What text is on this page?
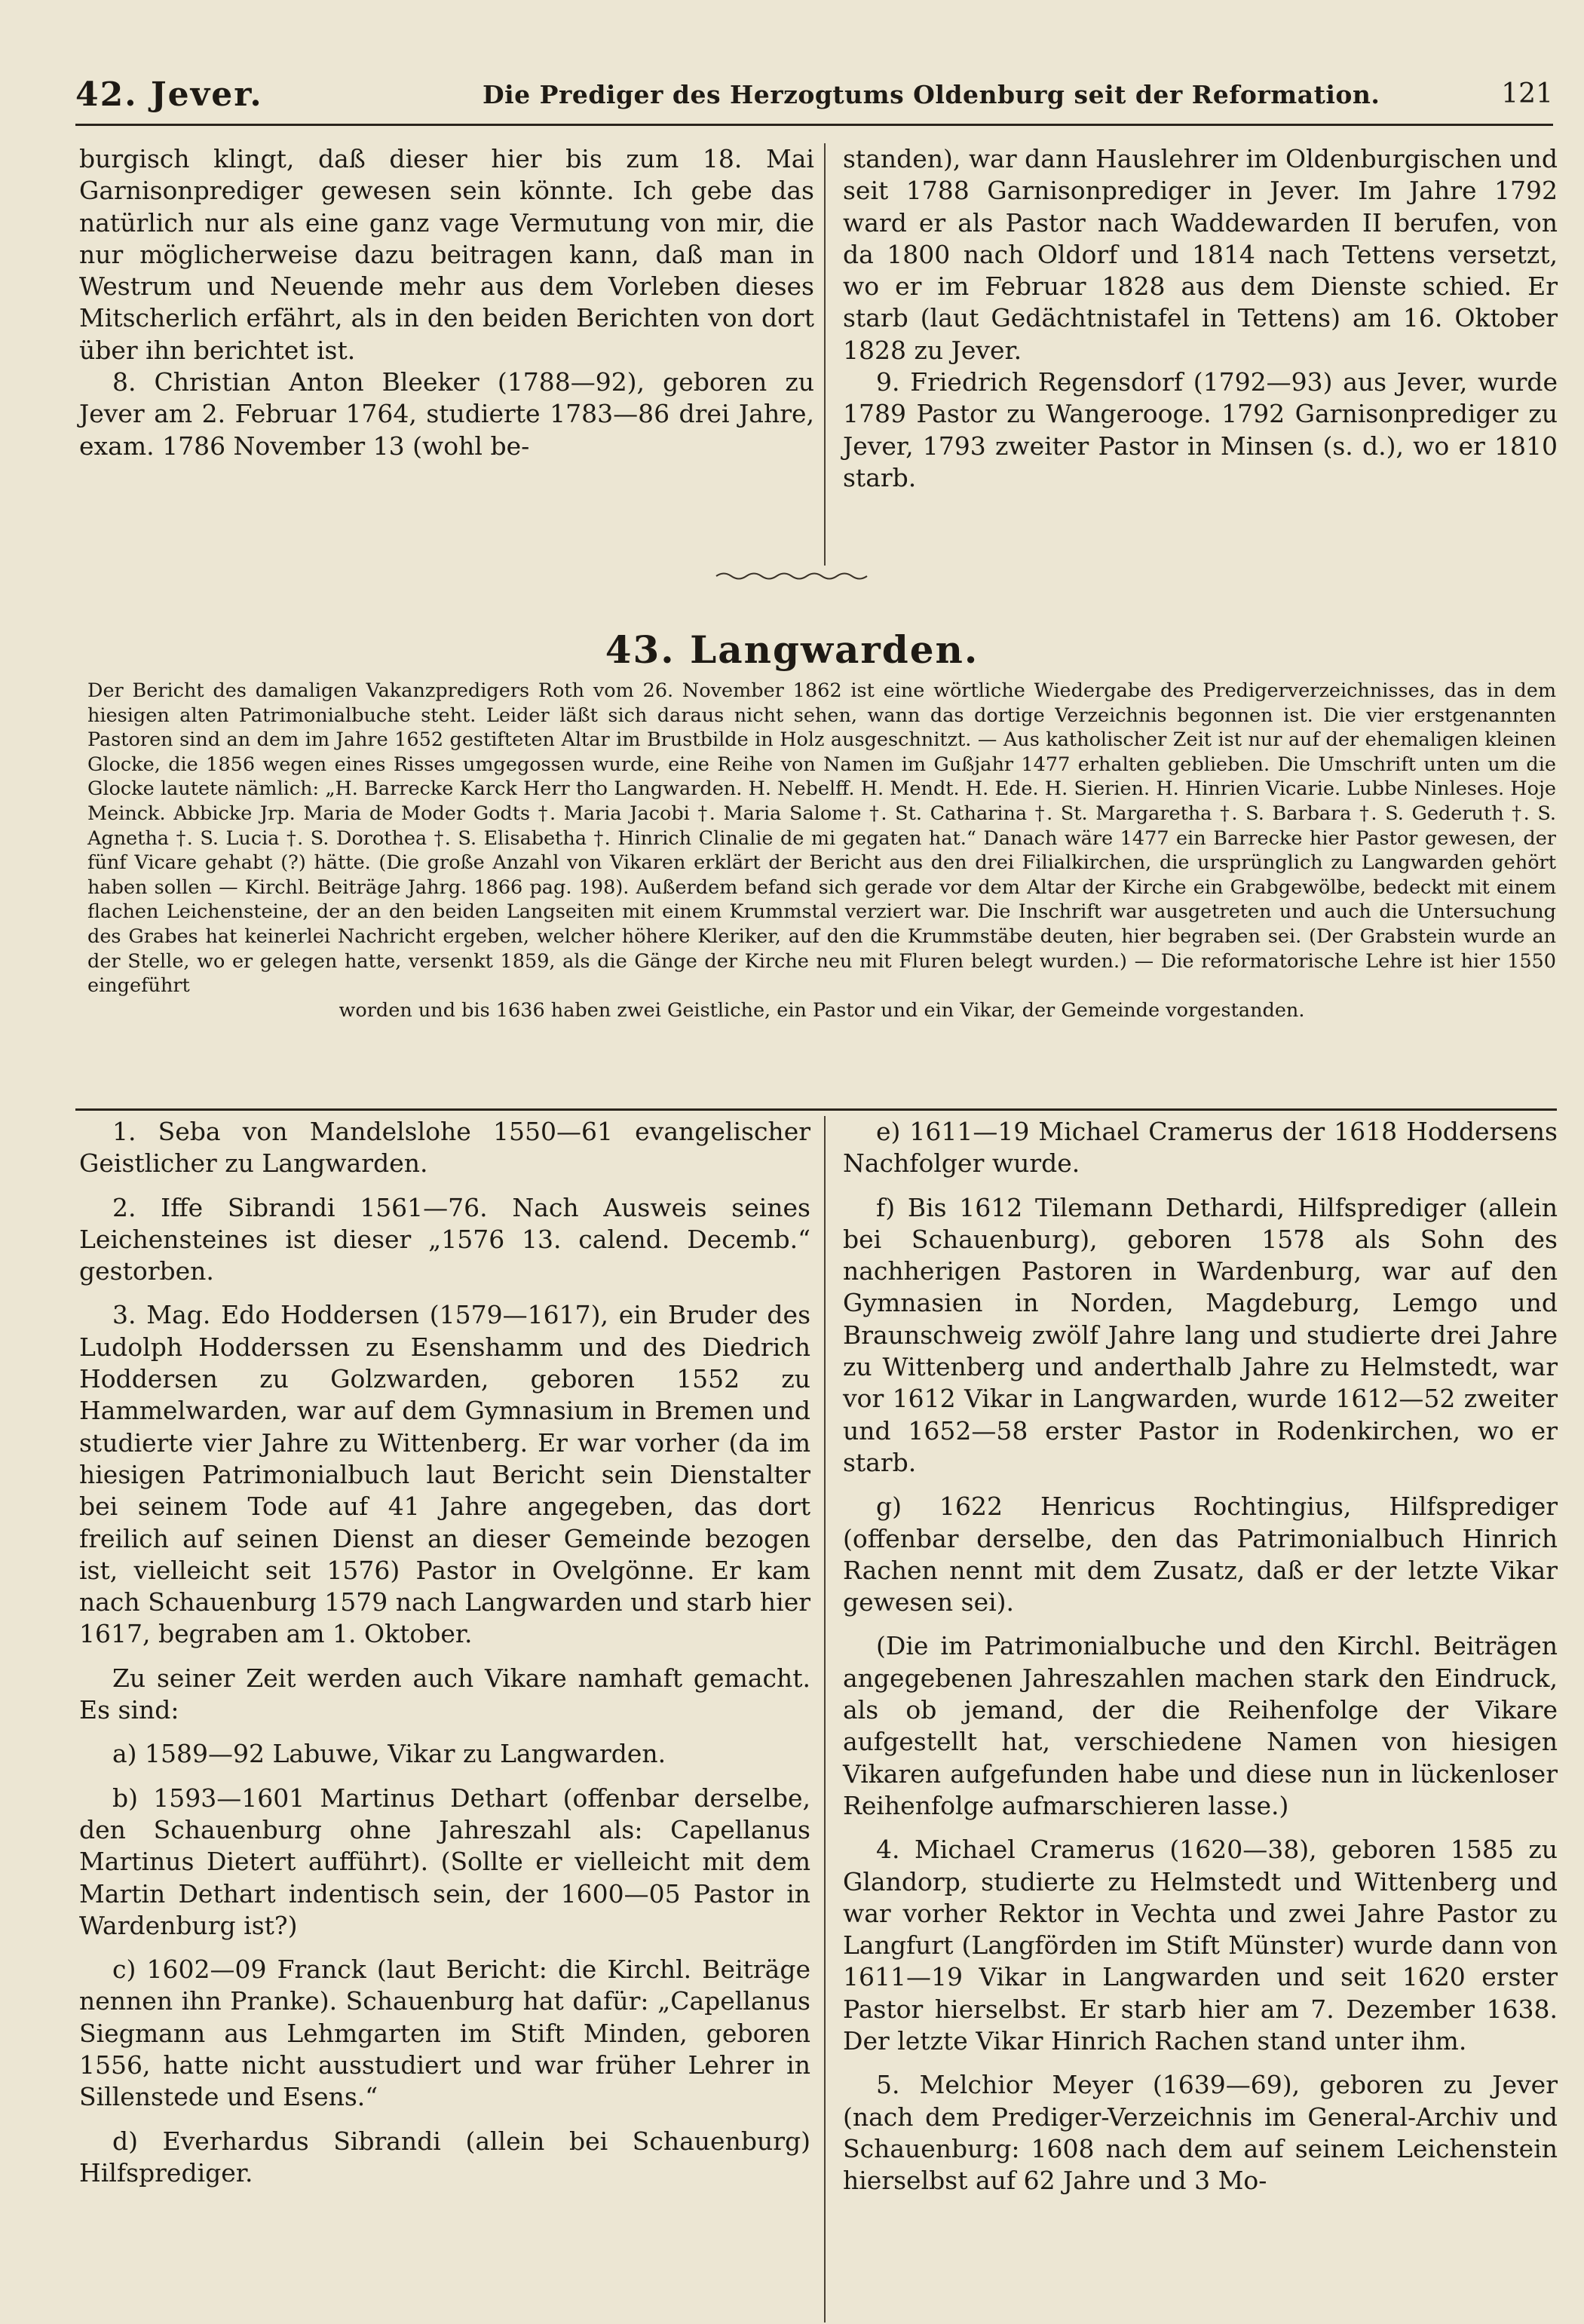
42. Jever.	Die Prediger des Herzogtums Oldenburg seit der Reformation.	121

burgisch klingt, daß dieser hier bis zum 18. Mai Garnisonprediger gewesen sein könnte. Ich gebe das natürlich nur als eine ganz vage Vermutung von mir, die nur möglicherweise dazu beitragen kann, daß man in Westrum und Neuende mehr aus dem Vorleben dieses Mitscherlich erfährt, als in den beiden Berichten von dort über ihn berichtet ist.

8. Christian Anton Bleeker (1788—92), geboren zu Jever am 2. Februar 1764, studierte 1783—86 drei Jahre, exam. 1786 November 13 (wohl be-

standen), war dann Hauslehrer im Oldenburgischen und seit 1788 Garnisonprediger in Jever. Im Jahre 1792 ward er als Pastor nach Waddewarden II berufen, von da 1800 nach Oldorf und 1814 nach Tettens versetzt, wo er im Februar 1828 aus dem Dienste schied. Er starb (laut Gedächtnistafel in Tettens) am 16. Oktober 1828 zu Jever.

9. Friedrich Regensdorf (1792—93) aus Jever, wurde 1789 Pastor zu Wangerooge. 1792 Garnisonprediger zu Jever, 1793 zweiter Pastor in Minsen (s. d.), wo er 1810 starb.

43. Langwarden.

Der Bericht des damaligen Vakanzpredigers Roth vom 26. November 1862 ist eine wörtliche Wiedergabe des Predigerverzeichnisses, das in dem hiesigen alten Patrimonialbuche steht. Leider läßt sich daraus nicht sehen, wann das dortige Verzeichnis begonnen ist. Die vier erstgenannten Pastoren sind an dem im Jahre 1652 gestifteten Altar im Brustbilde in Holz ausgeschnitzt. — Aus katholischer Zeit ist nur auf der ehemaligen kleinen Glocke, die 1856 wegen eines Risses umgegossen wurde, eine Reihe von Namen im Gußjahr 1477 erhalten geblieben. Die Umschrift unten um die Glocke lautete nämlich: „H. Barrecke Karck Herr tho Langwarden. H. Nebelff. H. Mendt. H. Ede. H. Sierien. H. Hinrien Vicarie. Lubbe Ninleses. Hoje Meinck. Abbicke Jrp. Maria de Moder Godts †. Maria Jacobi †. Maria Salome †. St. Catharina †. St. Margaretha †. S. Barbara †. S. Gederuth †. S. Agnetha †. S. Lucia †. S. Dorothea †. S. Elisabetha †. Hinrich Clinalie de mi gegaten hat.“ Danach wäre 1477 ein Barrecke hier Pastor gewesen, der fünf Vicare gehabt (?) hätte. (Die große Anzahl von Vikaren erklärt der Bericht aus den drei Filialkirchen, die ursprünglich zu Langwarden gehört haben sollen — Kirchl. Beiträge Jahrg. 1866 pag. 198). Außerdem befand sich gerade vor dem Altar der Kirche ein Grabgewölbe, bedeckt mit einem flachen Leichensteine, der an den beiden Langseiten mit einem Krummstal verziert war. Die Inschrift war ausgetreten und auch die Untersuchung des Grabes hat keinerlei Nachricht ergeben, welcher höhere Kleriker, auf den die Krummstäbe deuten, hier begraben sei. (Der Grabstein wurde an der Stelle, wo er gelegen hatte, versenkt 1859, als die Gänge der Kirche neu mit Fluren belegt wurden.) — Die reformatorische Lehre ist hier 1550 eingeführt

worden und bis 1636 haben zwei Geistliche, ein Pastor und ein Vikar, der Gemeinde vorgestanden.

1. Seba von Mandelslohe 1550—61 evangelischer Geistlicher zu Langwarden.

2. Iffe Sibrandi 1561—76. Nach Ausweis seines Leichensteines ist dieser „1576 13. calend. Decemb.“ gestorben.

3. Mag. Edo Hoddersen (1579—1617), ein Bruder des Ludolph Hodderssen zu Esenshamm und des Diedrich Hoddersen zu Golzwarden, geboren 1552 zu Hammelwarden, war auf dem Gymnasium in Bremen und studierte vier Jahre zu Wittenberg. Er war vorher (da im hiesigen Patrimonialbuch laut Bericht sein Dienstalter bei seinem Tode auf 41 Jahre angegeben, das dort freilich auf seinen Dienst an dieser Gemeinde bezogen ist, vielleicht seit 1576) Pastor in Ovelgönne. Er kam nach Schauenburg 1579 nach Langwarden und starb hier 1617, begraben am 1. Oktober.

Zu seiner Zeit werden auch Vikare namhaft gemacht. Es sind:

a) 1589—92 Labuwe, Vikar zu Langwarden.

b) 1593—1601 Martinus Dethart (offenbar derselbe, den Schauenburg ohne Jahreszahl als: Capellanus Martinus Dietert aufführt). (Sollte er vielleicht mit dem Martin Dethart indentisch sein, der 1600—05 Pastor in Wardenburg ist?)

c) 1602—09 Franck (laut Bericht: die Kirchl. Beiträge nennen ihn Pranke). Schauenburg hat dafür: „Capellanus Siegmann aus Lehmgarten im Stift Minden, geboren 1556, hatte nicht ausstudiert und war früher Lehrer in Sillenstede und Esens.“

d) Everhardus Sibrandi (allein bei Schauenburg) Hilfsprediger.

e) 1611—19 Michael Cramerus der 1618 Hoddersens Nachfolger wurde.

f) Bis 1612 Tilemann Dethardi, Hilfsprediger (allein bei Schauenburg), geboren 1578 als Sohn des nachherigen Pastoren in Wardenburg, war auf den Gymnasien in Norden, Magdeburg, Lemgo und Braunschweig zwölf Jahre lang und studierte drei Jahre zu Wittenberg und anderthalb Jahre zu Helmstedt, war vor 1612 Vikar in Langwarden, wurde 1612—52 zweiter und 1652—58 erster Pastor in Rodenkirchen, wo er starb.

g) 1622 Henricus Rochtingius, Hilfsprediger (offenbar derselbe, den das Patrimonialbuch Hinrich Rachen nennt mit dem Zusatz, daß er der letzte Vikar gewesen sei).

(Die im Patrimonialbuche und den Kirchl. Beiträgen angegebenen Jahreszahlen machen stark den Eindruck, als ob jemand, der die Reihenfolge der Vikare aufgestellt hat, verschiedene Namen von hiesigen Vikaren aufgefunden habe und diese nun in lückenloser Reihenfolge aufmarschieren lasse.)

4. Michael Cramerus (1620—38), geboren 1585 zu Glandorp, studierte zu Helmstedt und Wittenberg und war vorher Rektor in Vechta und zwei Jahre Pastor zu Langfurt (Langförden im Stift Münster) wurde dann von 1611—19 Vikar in Langwarden und seit 1620 erster Pastor hierselbst. Er starb hier am 7. Dezember 1638. Der letzte Vikar Hinrich Rachen stand unter ihm.

5. Melchior Meyer (1639—69), geboren zu Jever (nach dem Prediger-Verzeichnis im General-Archiv und Schauenburg: 1608 nach dem auf seinem Leichenstein hierselbst auf 62 Jahre und 3 Mo-
